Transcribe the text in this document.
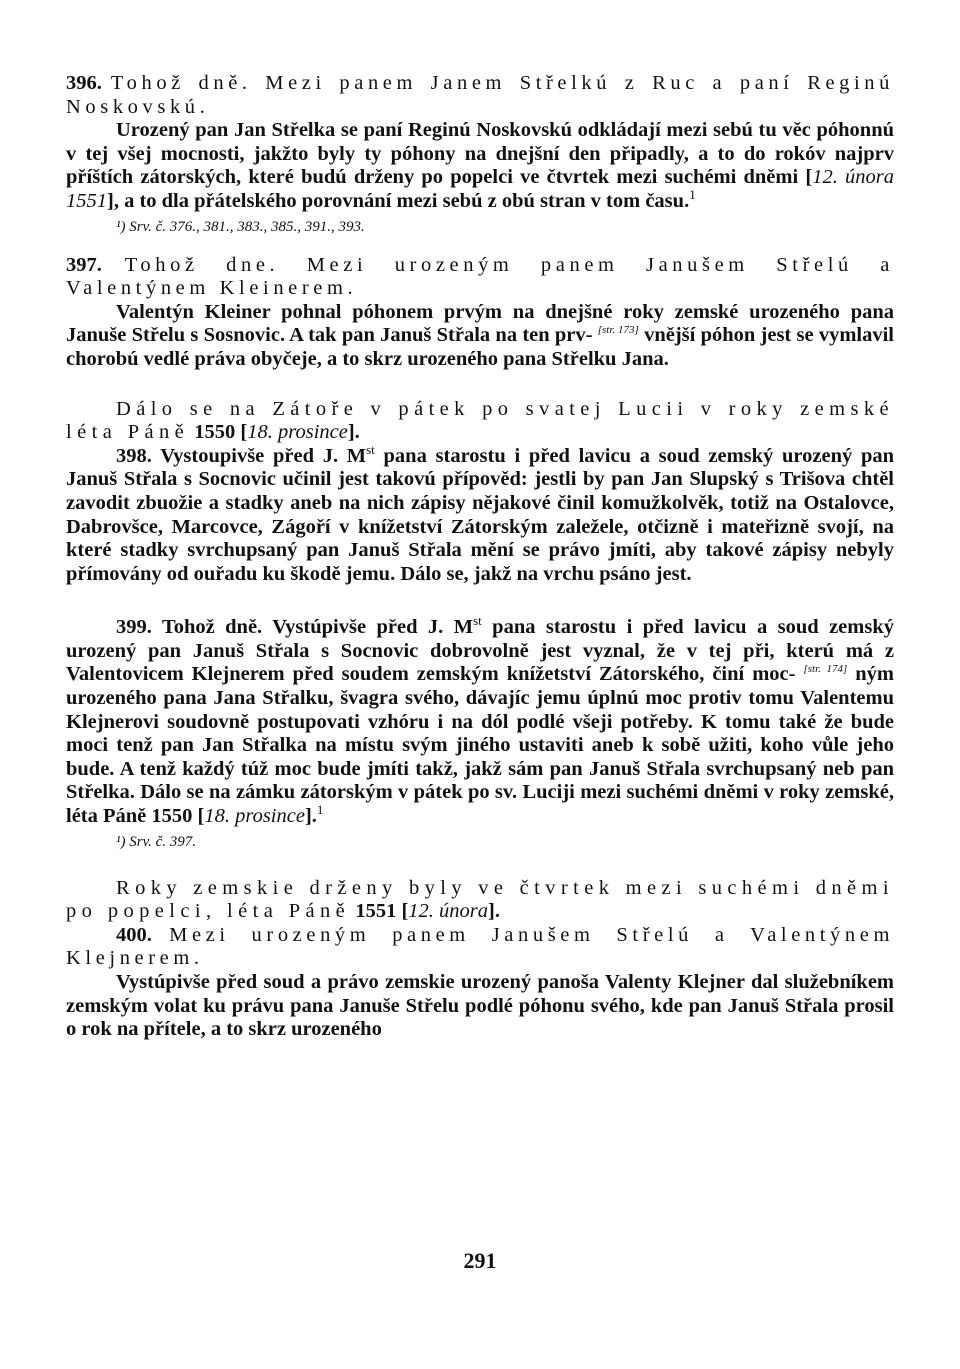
396. Tohož dně. Mezi panem Janem Střelkú z Ruc a paní Reginú Noskovskú.

Urozený pan Jan Střelka se paní Reginú Noskovskú odkládají mezi sebú tu věc póhonnú v tej všej mocnosti, jakžto byly ty póhony na dnejšní den připadly, a to do rokóv najprv příštích zátorských, které budú drženy po popelci ve čtvrtek mezi suchémi dněmi [12. února 1551], a to dla přátelského porovnání mezi sebú z obú stran v tom času.$^1$

¹) Srv. č. 376., 381., 383., 385., 391., 393.

397. Tohož dne. Mezi urozeným panem Janušem Střelú a Valentýnem Kleinerem.

Valentýn Kleiner pohnal póhonem prvým na dnejšné roky zemské urozeného pana Januše Střelu s Sosnovic. A tak pan Januš Střala na ten prv- [str. 173] vnější póhon jest se vymlavil chorobú vedlé práva obyčeje, a to skrz urozeného pana Střelku Jana.

Dálo se na Zátoře v pátek po svatej Lucii v roky zemské léta Páně 1550 [18. prosince].

398. Vystoupivše před J. Mst pana starostu i před lavicu a soud zemský urozený pan Januš Střala s Socnovic učinil jest takovú přípověd: jestli by pan Jan Slupský s Trišova chtěl zavodit zbuožie a stadky aneb na nich zápisy nějakové činil komužkolvěk, totiž na Ostalovce, Dabrovšce, Marcovce, Zágoří v knížetství Zátorským zaležele, otčizně i mateřizně svojí, na které stadky svrchupsaný pan Januš Střala mění se právo jmíti, aby takové zápisy nebyly přímovány od ouřadu ku škodě jemu. Dálo se, jakž na vrchu psáno jest.

399. Tohož dně. Vystúpivše před J. Mst pana starostu i před lavicu a soud zemský urozený pan Januš Střala s Socnovic dobrovolně jest vyznal, že v tej při, kterú má z Valentovicem Klejnerem před soudem zemským knížetství Zátorského, činí moc- [str. 174] ným urozeného pana Jana Střalku, švagra svého, dávajíc jemu úplnú moc protiv tomu Valentemu Klejnerovi soudovně postupovati vzhóru i na dól podlé všeji potřeby. K tomu také že bude moci tenž pan Jan Střalka na místu svým jiného ustaviti aneb k sobě užiti, koho vůle jeho bude. A tenž každý túž moc bude jmíti takž, jakž sám pan Januš Střala svrchupsaný neb pan Střelka. Dálo se na zámku zátorským v pátek po sv. Luciji mezi suchémi dněmi v roky zemské, léta Páně 1550 [18. prosince].$^1$

¹) Srv. č. 397.

Roky zemskie drženy byly ve čtvrtek mezi suchémi dněmi po popelci, léta Páně 1551 [12. února].

400. Mezi urozeným panem Janušem Střelú a Valentýnem Klejnerem.

Vystúpivše před soud a právo zemskie urozený panoša Valenty Klejner dal služebníkem zemským volat ku právu pana Januše Střelu podlé póhonu svého, kde pan Januš Střala prosil o rok na přítele, a to skrz urozeného

291
